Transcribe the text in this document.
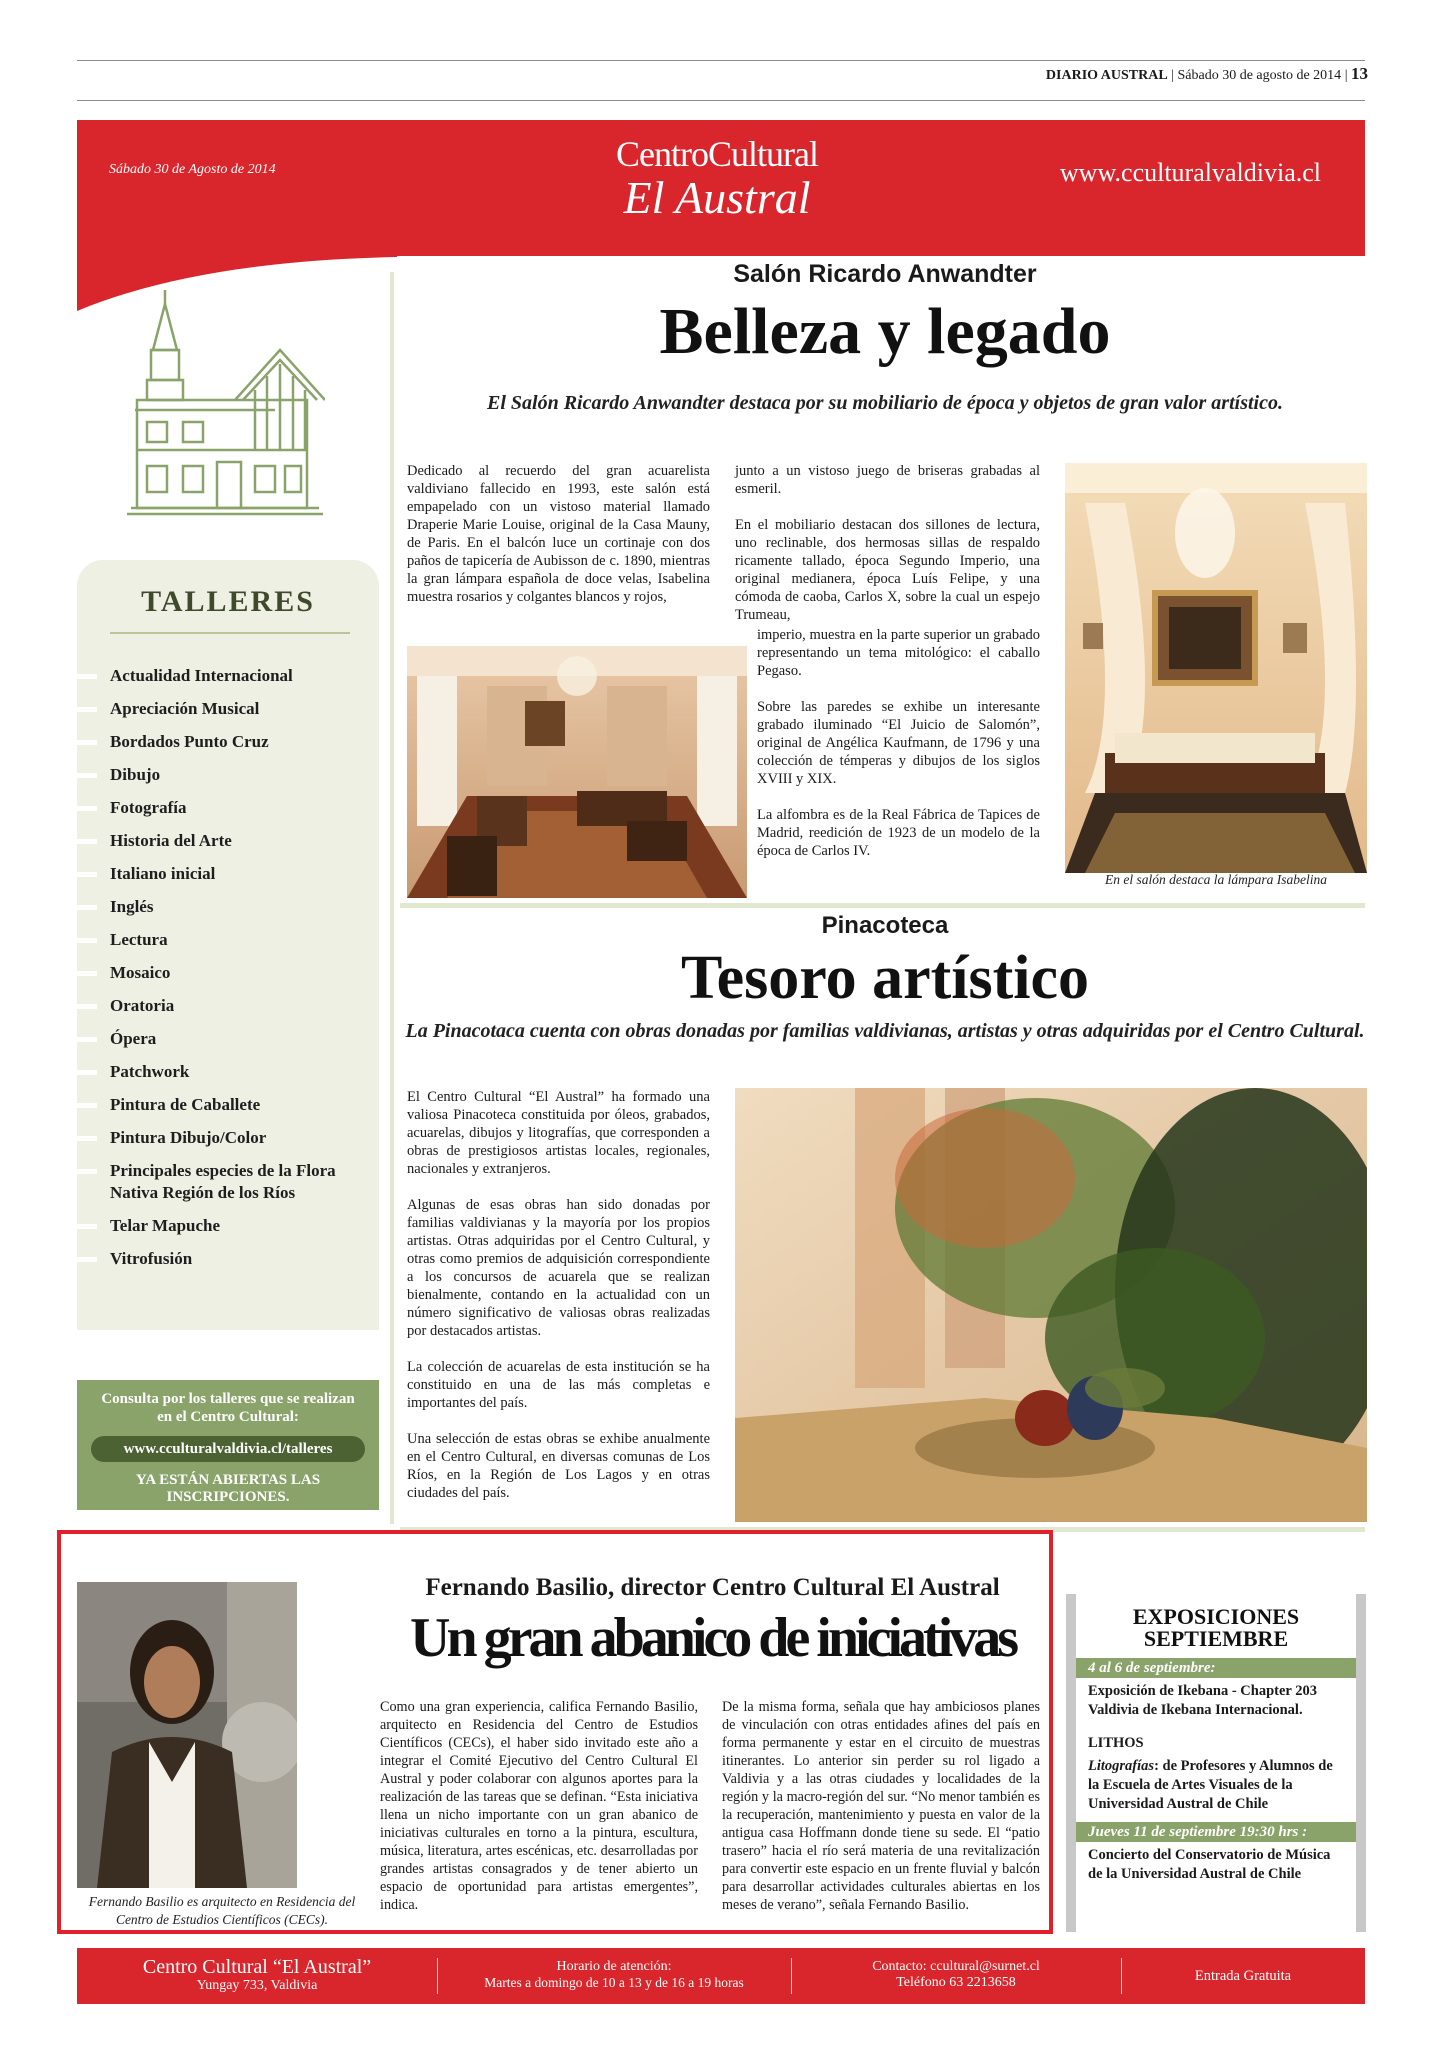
DIARIO AUSTRAL | Sábado 30 de agosto de 2014 | 13
Sábado 30 de Agosto de 2014	CentroCultural
El Austral	www.cculturalvaldivia.cl
TALLERES
Actualidad Internacional
Apreciación Musical
Bordados Punto Cruz
Dibujo
Fotografía
Historia del Arte
Italiano inicial
Inglés
Lectura
Mosaico
Oratoria
Ópera
Patchwork
Pintura de Caballete
Pintura Dibujo/Color
Principales especies de la Flora Nativa Región de los Ríos
Telar Mapuche
Vitrofusión
Consulta por los talleres que se realizan en el Centro Cultural:
www.cculturalvaldivia.cl/talleres
YA ESTÁN ABIERTAS LAS INSCRIPCIONES.
Salón Ricardo Anwandter
Belleza y legado
El Salón Ricardo Anwandter destaca por su mobiliario de época y objetos de gran valor artístico.

Dedicado al recuerdo del gran acuarelista valdiviano fallecido en 1993, este salón está empapelado con un vistoso material llamado Draperie Marie Louise, original de la Casa Mauny, de Paris. En el balcón luce un cortinaje con dos paños de tapicería de Aubisson de c. 1890, mientras la gran lámpara española de doce velas, Isabelina muestra rosarios y colgantes blancos y rojos,

junto a un vistoso juego de briseras grabadas al esmeril.

En el mobiliario destacan dos sillones de lectura, uno reclinable, dos hermosas sillas de respaldo ricamente tallado, época Segundo Imperio, una original medianera, época Luís Felipe, y una cómoda de caoba, Carlos X, sobre la cual un espejo Trumeau,

imperio, muestra en la parte superior un grabado representando un tema mitológico: el caballo Pegaso.

Sobre las paredes se exhibe un interesante grabado iluminado “El Juicio de Salomón”, original de Angélica Kaufmann, de 1796 y una colección de témperas y dibujos de los siglos XVIII y XIX.

La alfombra es de la Real Fábrica de Tapices de Madrid, reedición de 1923 de un modelo de la época de Carlos IV.

En el salón destaca la lámpara Isabelina
Pinacoteca
Tesoro artístico
La Pinacotaca cuenta con obras donadas por familias valdivianas, artistas y otras adquiridas por el Centro Cultural.

El Centro Cultural “El Austral” ha formado una valiosa Pinacoteca constituida por óleos, grabados, acuarelas, dibujos y litografías, que corresponden a obras de prestigiosos artistas locales, regionales, nacionales y extranjeros.

Algunas de esas obras han sido donadas por familias valdivianas y la mayoría por los propios artistas. Otras adquiridas por el Centro Cultural, y otras como premios de adquisición correspondiente a los concursos de acuarela que se realizan bienalmente, contando en la actualidad con un número significativo de valiosas obras realizadas por destacados artistas.

La colección de acuarelas de esta institución se ha constituido en una de las más completas e importantes del país.

Una selección de estas obras se exhibe anualmente en el Centro Cultural, en diversas comunas de Los Ríos, en la Región de Los Lagos y en otras ciudades del país.

Fernando Basilio es arquitecto en Residencia del Centro de Estudios Científicos (CECs).
Fernando Basilio, director Centro Cultural El Austral
Un gran abanico de iniciativas

Como una gran experiencia, califica Fernando Basilio, arquitecto en Residencia del Centro de Estudios Científicos (CECs), el haber sido invitado este año a integrar el Comité Ejecutivo del Centro Cultural El Austral y poder colaborar con algunos aportes para la realización de las tareas que se definan. “Esta iniciativa llena un nicho importante con un gran abanico de iniciativas culturales en torno a la pintura, escultura, música, literatura, artes escénicas, etc. desarrolladas por grandes artistas consagrados y de tener abierto un espacio de oportunidad para artistas emergentes”, indica.

De la misma forma, señala que hay ambiciosos planes de vinculación con otras entidades afines del país en forma permanente y estar en el circuito de muestras itinerantes. Lo anterior sin perder su rol ligado a Valdivia y a las otras ciudades y localidades de la región y la macro-región del sur. “No menor también es la recuperación, mantenimiento y puesta en valor de la antigua casa Hoffmann donde tiene su sede. El “patio trasero” hacia el río será materia de una revitalización para convertir este espacio en un frente fluvial y balcón para desarrollar actividades culturales abiertas en los meses de verano”, señala Fernando Basilio.

EXPOSICIONES SEPTIEMBRE
4 al 6 de septiembre:
Exposición de Ikebana - Chapter 203 Valdivia de Ikebana Internacional.
LITHOS
Litografías: de Profesores y Alumnos de la Escuela de Artes Visuales de la Universidad Austral de Chile
Jueves 11 de septiembre 19:30 hrs :
Concierto del Conservatorio de Música de la Universidad Austral de Chile
Centro Cultural “El Austral”
Yungay 733, Valdivia
Horario de atención:
Martes a domingo de 10 a 13 y de 16 a 19 horas
Contacto: ccultural@surnet.cl
Teléfono 63 2213658	Entrada Gratuita
